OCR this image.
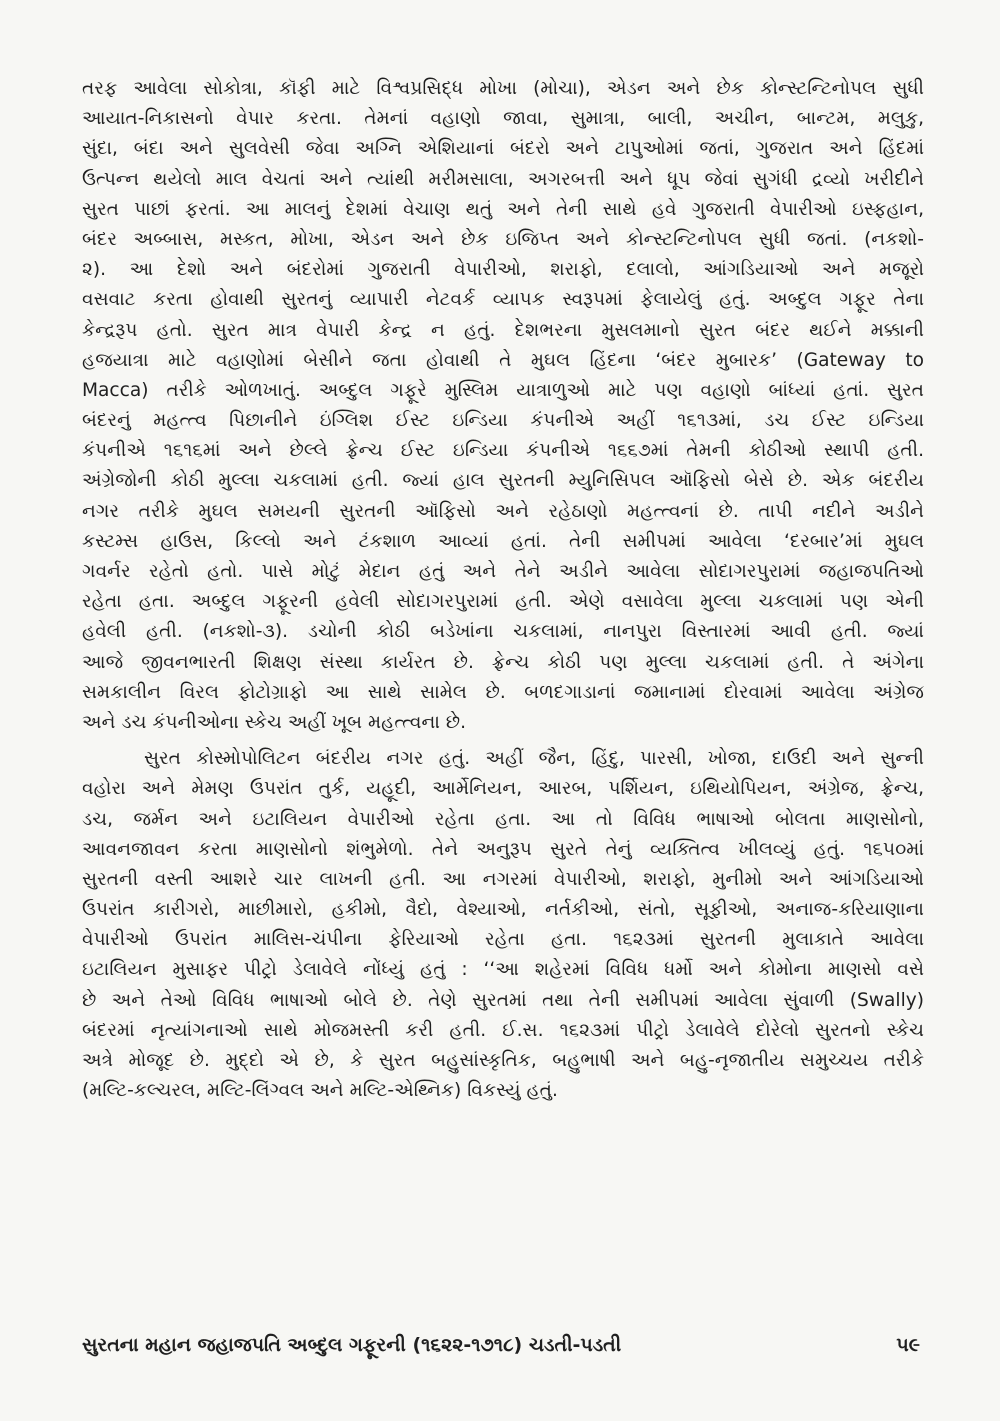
તરફ આવેલા સોકોત્રા, કૉફી માટે વિશ્વપ્રસિદ્ધ મોખા (મોચા), એડન અને છેક કોન્સ્ટન્ટિનોપલ સુધી
આયાત-નિકાસનો વેપાર કરતા. તેમનાં વહાણો જાવા, સુમાત્રા, બાલી, અચીન, બાન્ટમ, મલુકુ,
સુંદા, બંદા અને સુલવેસી જેવા અગ્નિ એશિયાનાં બંદરો અને ટાપુઓમાં જતાં, ગુજરાત અને હિંદમાં
ઉત્પન્ન થયેલો માલ વેચતાં અને ત્યાંથી મરીમસાલા, અગરબત્તી અને ધૂપ જેવાં સુગંધી દ્રવ્યો ખરીદીને
સુરત પાછાં ફરતાં. આ માલનું દેશમાં વેચાણ થતું અને તેની સાથે હવે ગુજરાતી વેપારીઓ ઇસ્ફહાન,
બંદર અબ્બાસ, મસ્કત, મોખા, એડન અને છેક ઇજિપ્ત અને કોન્સ્ટન્ટિનોપલ સુધી જતાં. (નકશો-
૨). આ દેશો અને બંદરોમાં ગુજરાતી વેપારીઓ, શરાફો, દલાલો, આંગડિયાઓ અને મજૂરો
વસવાટ કરતા હોવાથી સુરતનું વ્યાપારી નેટવર્ક વ્યાપક સ્વરૂપમાં ફેલાયેલું હતું. અબ્દુલ ગફૂર તેના
કેન્દ્રરૂપ હતો. સુરત માત્ર વેપારી કેન્દ્ર ન હતું. દેશભરના મુસલમાનો સુરત બંદર થઈને મક્કાની
હજયાત્રા માટે વહાણોમાં બેસીને જતા હોવાથી તે મુઘલ હિંદના ‘બંદર મુબારક’ (Gateway to
Macca) તરીકે ઓળખાતું. અબ્દુલ ગફૂરે મુસ્લિમ યાત્રાળુઓ માટે પણ વહાણો બાંધ્યાં હતાં. સુરત
બંદરનું મહત્ત્વ પિછાનીને ઇંગ્લિશ ઈસ્ટ ઇન્ડિયા કંપનીએ અહીં ૧૬૧૩માં, ડચ ઈસ્ટ ઇન્ડિયા
કંપનીએ ૧૬૧૬માં અને છેલ્લે ફ્રેન્ચ ઈસ્ટ ઇન્ડિયા કંપનીએ ૧૬૬૭માં તેમની કોઠીઓ સ્થાપી હતી.
અંગ્રેજોની કોઠી મુલ્લા ચકલામાં હતી. જ્યાં હાલ સુરતની મ્યુનિસિપલ ઑફિસો બેસે છે. એક બંદરીય
નગર તરીકે મુઘલ સમયની સુરતની ઑફિસો અને રહેઠાણો મહત્ત્વનાં છે. તાપી નદીને અડીને
કસ્ટમ્સ હાઉસ, કિલ્લો અને ટંકશાળ આવ્યાં હતાં. તેની સમીપમાં આવેલા ‘દરબાર’માં મુઘલ
ગવર્નર રહેતો હતો. પાસે મોટું મેદાન હતું અને તેને અડીને આવેલા સોદાગરપુરામાં જહાજપતિઓ
રહેતા હતા. અબ્દુલ ગફૂરની હવેલી સોદાગરપુરામાં હતી. એણે વસાવેલા મુલ્લા ચકલામાં પણ એની
હવેલી હતી. (નકશો-૩). ડચોની કોઠી બડેખાંના ચકલામાં, નાનપુરા વિસ્તારમાં આવી હતી. જ્યાં
આજે જીવનભારતી શિક્ષણ સંસ્થા કાર્યરત છે. ફ્રેન્ચ કોઠી પણ મુલ્લા ચકલામાં હતી. તે અંગેના
સમકાલીન વિરલ ફોટોગ્રાફો આ સાથે સામેલ છે. બળદગાડાનાં જમાનામાં દોરવામાં આવેલા અંગ્રેજ
અને ડચ કંપનીઓના સ્કેચ અહીં ખૂબ મહત્ત્વના છે.
સુરત કોસ્મોપોલિટન બંદરીય નગર હતું. અહીં જૈન, હિંદુ, પારસી, ખોજા, દાઉદી અને સુન્ની
વહોરા અને મેમણ ઉપરાંત તુર્ક, યહૂદી, આર્મેનિયન, આરબ, પર્શિયન, ઇથિયોપિયન, અંગ્રેજ, ફ્રેન્ચ,
ડચ, જર્મન અને ઇટાલિયન વેપારીઓ રહેતા હતા. આ તો વિવિધ ભાષાઓ બોલતા માણસોનો,
આવનજાવન કરતા માણસોનો શંભુમેળો. તેને અનુરૂપ સુરતે તેનું વ્યક્તિત્વ ખીલવ્યું હતું. ૧૬૫૦માં
સુરતની વસ્તી આશરે ચાર લાખની હતી. આ નગરમાં વેપારીઓ, શરાફો, મુનીમો અને આંગડિયાઓ
ઉપરાંત કારીગરો, માછીમારો, હકીમો, વૈદો, વેશ્યાઓ, નર્તકીઓ, સંતો, સૂફીઓ, અનાજ-કરિયાણાના
વેપારીઓ ઉપરાંત માલિસ-ચંપીના ફેરિયાઓ રહેતા હતા. ૧૬૨૩માં સુરતની મુલાકાતે આવેલા
ઇટાલિયન મુસાફર પીટ્રો ડેલાવેલે નોંધ્યું હતું : ‘‘આ શહેરમાં વિવિધ ધર્મો અને કોમોના માણસો વસે
છે અને તેઓ વિવિધ ભાષાઓ બોલે છે. તેણે સુરતમાં તથા તેની સમીપમાં આવેલા સુંવાળી (Swally)
બંદરમાં નૃત્યાંગનાઓ સાથે મોજમસ્તી કરી હતી. ઈ.સ. ૧૬૨૩માં પીટ્રો ડેલાવેલે દોરેલો સુરતનો સ્કેચ
અત્રે મોજૂદ છે. મુદ્દો એ છે, કે સુરત બહુસાંસ્કૃતિક, બહુભાષી અને બહુ-નૃજાતીય સમુચ્ચય તરીકે
(મલ્ટિ-કલ્ચરલ, મલ્ટિ-લિંગ્વલ અને મલ્ટિ-એથ્નિક) વિકસ્યું હતું.
સુરતના મહાન જહાજપતિ અબ્દુલ ગફૂરની (૧૬૨૨-૧૭૧૮) ચડતી-પડતી	૫૯
